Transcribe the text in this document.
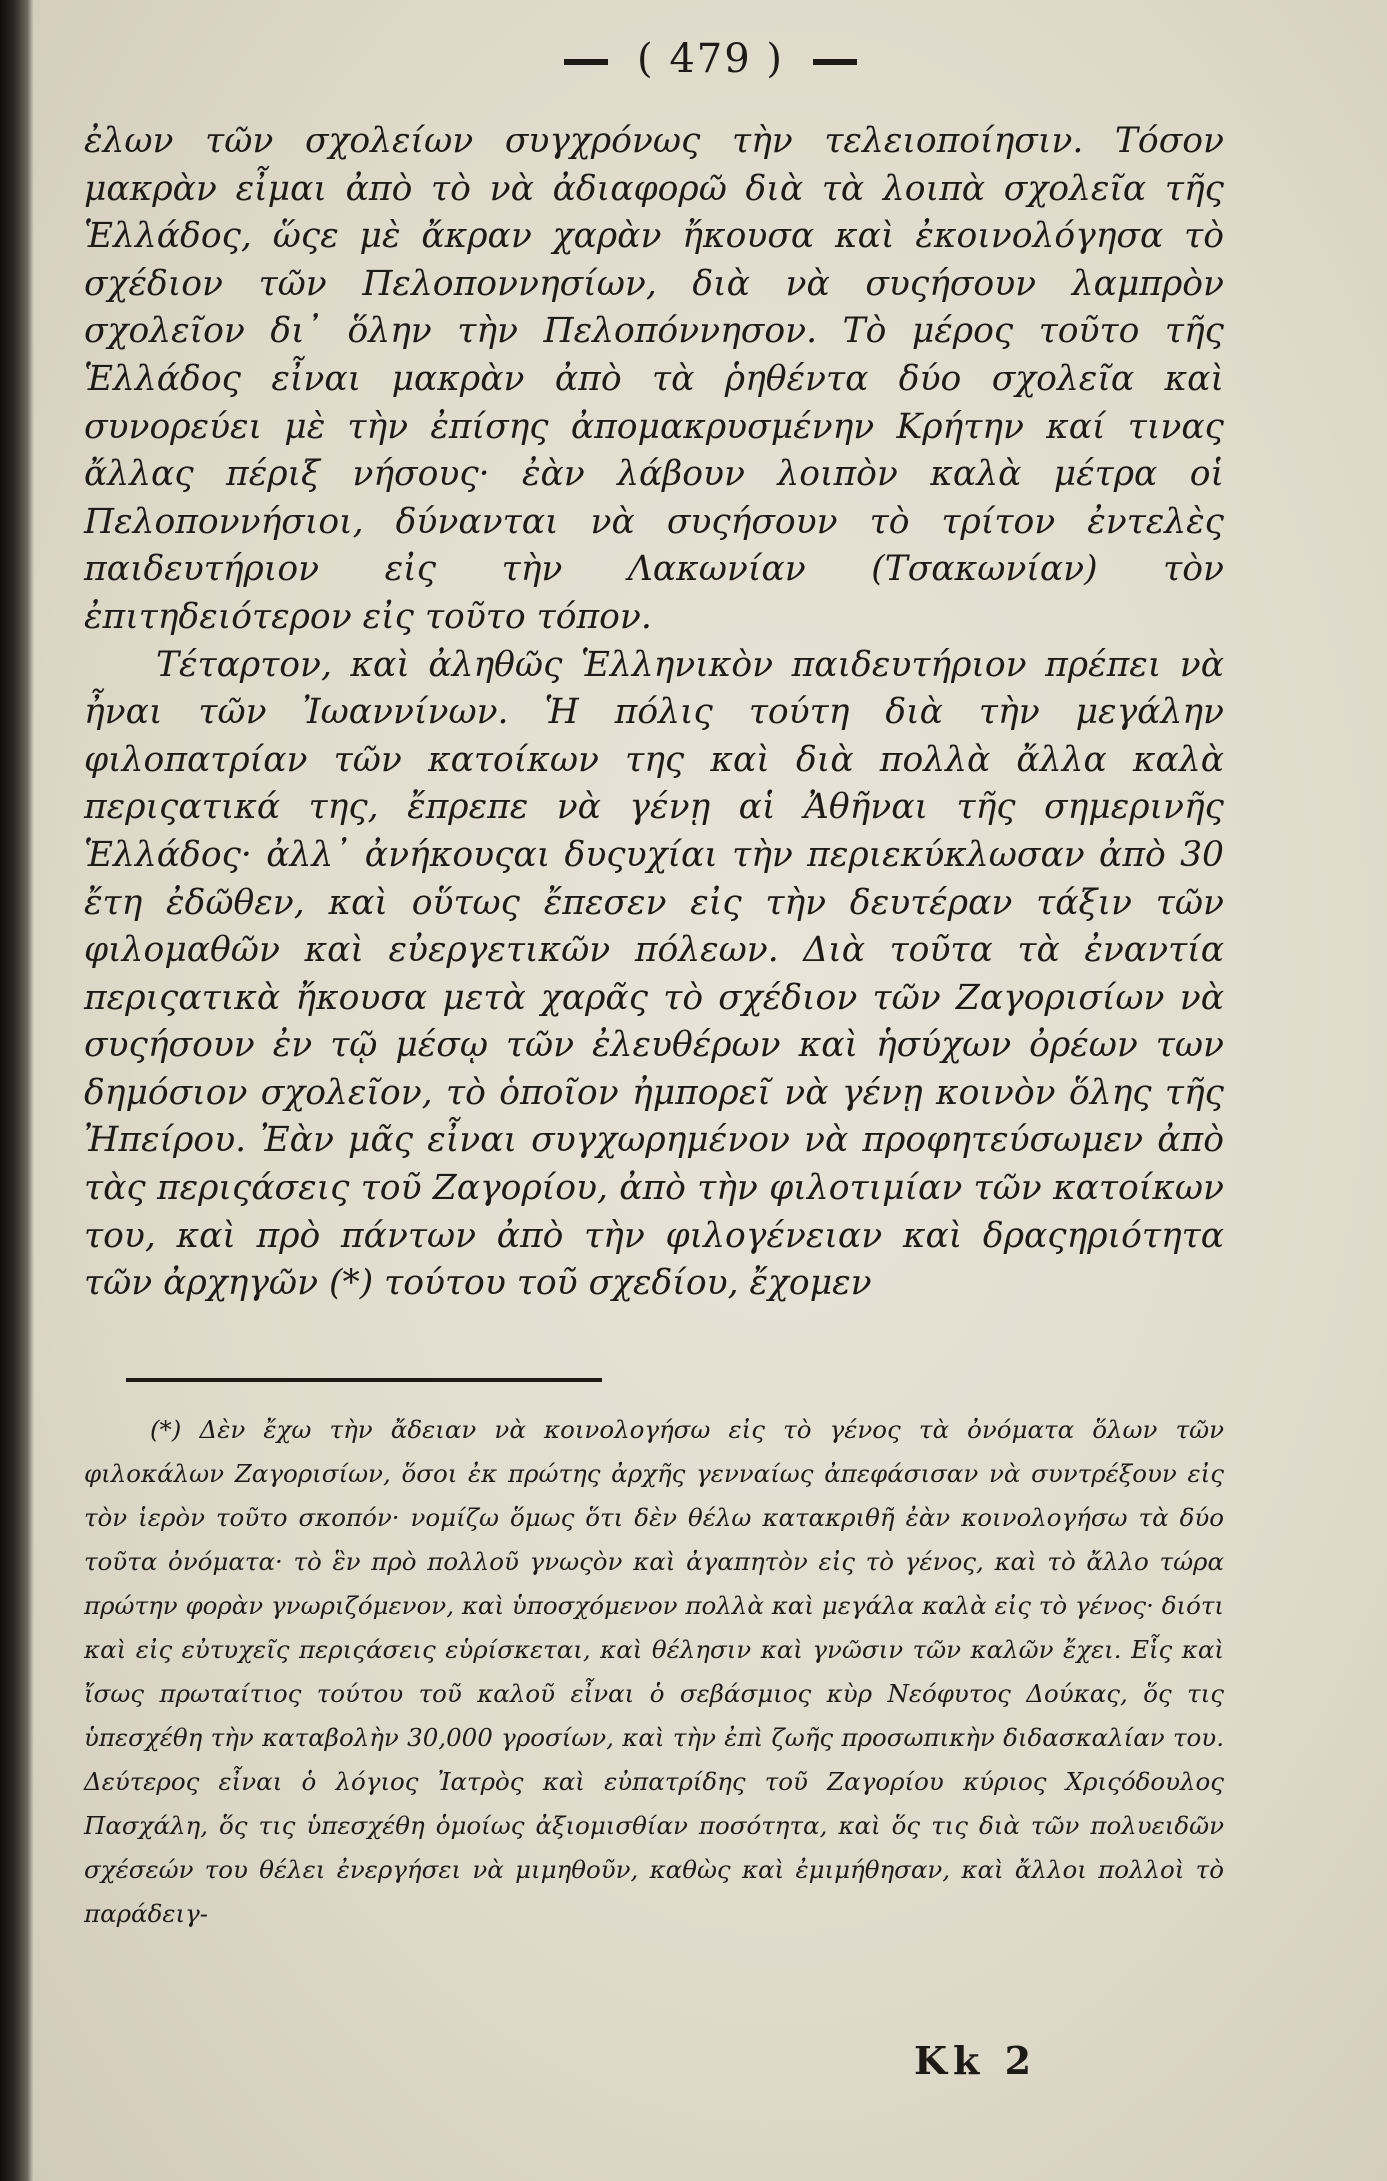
( 479 )

ἐλων τῶν σχολείων συγχρόνως τὴν τελειοποίησιν. Τόσον μακρὰν εἶμαι ἀπὸ τὸ νὰ ἀδιαφορῶ διὰ τὰ λοιπὰ σχολεῖα τῆς Ἑλλάδος, ὥςε μὲ ἄκραν χαρὰν ἤκουσα καὶ ἐκοινολόγησα τὸ σχέδιον τῶν Πελοποννησίων, διὰ νὰ συςήσουν λαμπρὸν σχολεῖον δι᾽ ὅλην τὴν Πελοπόννησον. Τὸ μέρος τοῦτο τῆς Ἑλλάδος εἶναι μακρὰν ἀπὸ τὰ ῥηθέντα δύο σχολεῖα καὶ συνορεύει μὲ τὴν ἐπίσης ἀπομακρυσμένην Κρήτην καί τινας ἄλλας πέριξ νήσους· ἐὰν λάβουν λοιπὸν καλὰ μέτρα οἱ Πελοποννήσιοι, δύνανται νὰ συςήσουν τὸ τρίτον ἐντελὲς παιδευτήριον εἰς τὴν Λακωνίαν (Τσακωνίαν) τὸν ἐπιτηδειότερον εἰς τοῦτο τόπον.

Τέταρτον, καὶ ἀληθῶς Ἑλληνικὸν παιδευτήριον πρέπει νὰ ἦναι τῶν Ἰωαννίνων. Ἡ πόλις τούτη διὰ τὴν μεγάλην φιλοπατρίαν τῶν κατοίκων της καὶ διὰ πολλὰ ἄλλα καλὰ περιςατικά της, ἔπρεπε νὰ γένῃ αἱ Ἀθῆναι τῆς σημερινῆς Ἑλλάδος· ἀλλ᾽ ἀνήκουςαι δυςυχίαι τὴν περιεκύκλωσαν ἀπὸ 30 ἔτη ἐδῶθεν, καὶ οὕτως ἔπεσεν εἰς τὴν δευτέραν τάξιν τῶν φιλομαθῶν καὶ εὐεργετικῶν πόλεων. Διὰ τοῦτα τὰ ἐναντία περιςατικὰ ἤκουσα μετὰ χαρᾶς τὸ σχέδιον τῶν Ζαγορισίων νὰ συςήσουν ἐν τῷ μέσῳ τῶν ἐλευθέρων καὶ ἡσύχων ὀρέων των δημόσιον σχολεῖον, τὸ ὁποῖον ἠμπορεῖ νὰ γένῃ κοινὸν ὅλης τῆς Ἠπείρου. Ἐὰν μᾶς εἶναι συγχωρημένον νὰ προφητεύσωμεν ἀπὸ τὰς περιςάσεις τοῦ Ζαγορίου, ἀπὸ τὴν φιλοτιμίαν τῶν κατοίκων του, καὶ πρὸ πάντων ἀπὸ τὴν φιλογένειαν καὶ δραςηριότητα τῶν ἀρχηγῶν (*) τούτου τοῦ σχεδίου, ἔχομεν

(*) Δὲν ἔχω τὴν ἄδειαν νὰ κοινολογήσω εἰς τὸ γένος τὰ ὀνόματα ὅλων τῶν φιλοκάλων Ζαγορισίων, ὅσοι ἐκ πρώτης ἀρχῆς γενναίως ἀπεφάσισαν νὰ συντρέξουν εἰς τὸν ἱερὸν τοῦτο σκοπόν· νομίζω ὅμως ὅτι δὲν θέλω κατακριθῆ ἐὰν κοινολογήσω τὰ δύο τοῦτα ὀνόματα· τὸ ἓν πρὸ πολλοῦ γνωςὸν καὶ ἀγαπητὸν εἰς τὸ γένος, καὶ τὸ ἄλλο τώρα πρώτην φορὰν γνωριζόμενον, καὶ ὑποσχόμενον πολλὰ καὶ μεγάλα καλὰ εἰς τὸ γένος· διότι καὶ εἰς εὐτυχεῖς περιςάσεις εὑρίσκεται, καὶ θέλησιν καὶ γνῶσιν τῶν καλῶν ἔχει. Εἷς καὶ ἴσως πρωταίτιος τούτου τοῦ καλοῦ εἶναι ὁ σεβάσμιος κὺρ Νεόφυτος Δούκας, ὅς τις ὑπεσχέθη τὴν καταβολὴν 30,000 γροσίων, καὶ τὴν ἐπὶ ζωῆς προσωπικὴν διδασκαλίαν του. Δεύτερος εἶναι ὁ λόγιος Ἰατρὸς καὶ εὐπατρίδης τοῦ Ζαγορίου κύριος Χριςόδουλος Πασχάλη, ὅς τις ὑπεσχέθη ὁμοίως ἀξιομισθίαν ποσότητα, καὶ ὅς τις διὰ τῶν πολυειδῶν σχέσεών του θέλει ἐνεργήσει νὰ μιμηθοῦν, καθὼς καὶ ἐμιμήθησαν, καὶ ἄλλοι πολλοὶ τὸ παράδειγ-

Kk 2
